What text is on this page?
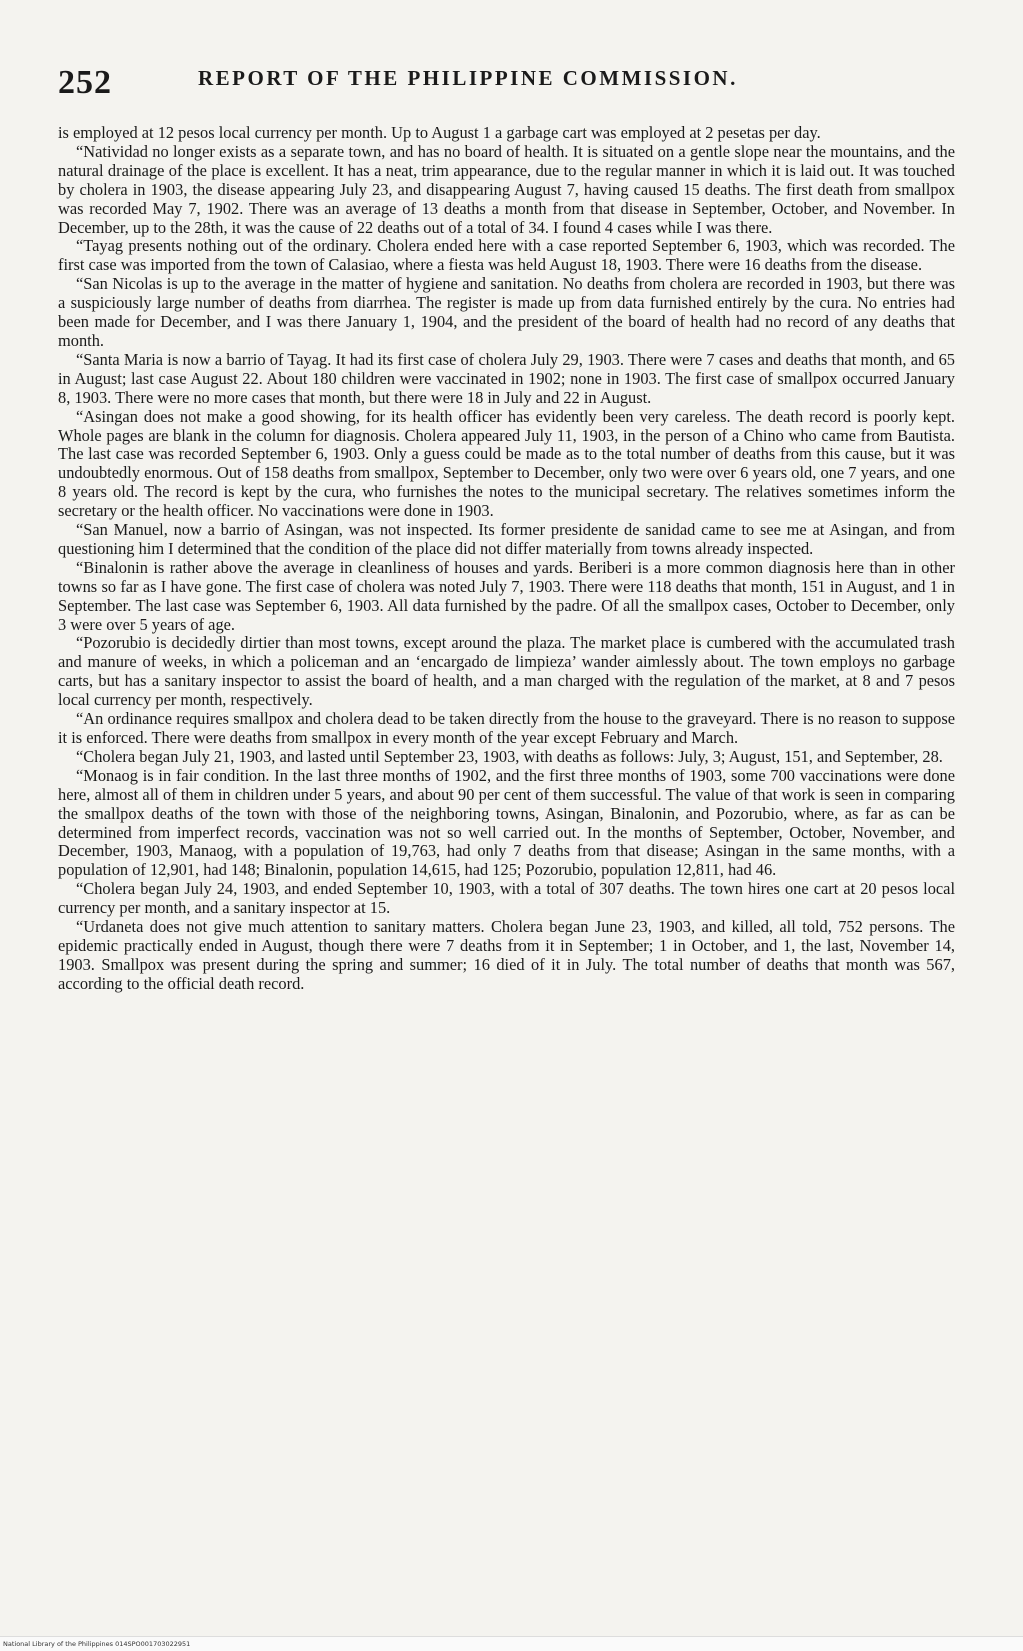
252	REPORT OF THE PHILIPPINE COMMISSION.

is employed at 12 pesos local currency per month. Up to August 1 a garbage cart was employed at 2 pesetas per day.

“Natividad no longer exists as a separate town, and has no board of health. It is situated on a gentle slope near the mountains, and the natural drainage of the place is excellent. It has a neat, trim appearance, due to the regular manner in which it is laid out. It was touched by cholera in 1903, the disease appearing July 23, and disappearing August 7, having caused 15 deaths. The first death from smallpox was recorded May 7, 1902. There was an average of 13 deaths a month from that disease in September, October, and November. In December, up to the 28th, it was the cause of 22 deaths out of a total of 34. I found 4 cases while I was there.

“Tayag presents nothing out of the ordinary. Cholera ended here with a case reported September 6, 1903, which was recorded. The first case was imported from the town of Calasiao, where a fiesta was held August 18, 1903. There were 16 deaths from the disease.

“San Nicolas is up to the average in the matter of hygiene and sanitation. No deaths from cholera are recorded in 1903, but there was a suspiciously large number of deaths from diarrhea. The register is made up from data furnished entirely by the cura. No entries had been made for December, and I was there January 1, 1904, and the president of the board of health had no record of any deaths that month.

“Santa Maria is now a barrio of Tayag. It had its first case of cholera July 29, 1903. There were 7 cases and deaths that month, and 65 in August; last case August 22. About 180 children were vaccinated in 1902; none in 1903. The first case of smallpox occurred January 8, 1903. There were no more cases that month, but there were 18 in July and 22 in August.

“Asingan does not make a good showing, for its health officer has evidently been very careless. The death record is poorly kept. Whole pages are blank in the column for diagnosis. Cholera appeared July 11, 1903, in the person of a Chino who came from Bautista. The last case was recorded September 6, 1903. Only a guess could be made as to the total number of deaths from this cause, but it was undoubtedly enormous. Out of 158 deaths from smallpox, September to December, only two were over 6 years old, one 7 years, and one 8 years old. The record is kept by the cura, who furnishes the notes to the municipal secretary. The relatives sometimes inform the secretary or the health officer. No vaccinations were done in 1903.

“San Manuel, now a barrio of Asingan, was not inspected. Its former presidente de sanidad came to see me at Asingan, and from questioning him I determined that the condition of the place did not differ materially from towns already inspected.

“Binalonin is rather above the average in cleanliness of houses and yards. Beriberi is a more common diagnosis here than in other towns so far as I have gone. The first case of cholera was noted July 7, 1903. There were 118 deaths that month, 151 in August, and 1 in September. The last case was September 6, 1903. All data furnished by the padre. Of all the smallpox cases, October to December, only 3 were over 5 years of age.

“Pozorubio is decidedly dirtier than most towns, except around the plaza. The market place is cumbered with the accumulated trash and manure of weeks, in which a policeman and an ‘encargado de limpieza’ wander aimlessly about. The town employs no garbage carts, but has a sanitary inspector to assist the board of health, and a man charged with the regulation of the market, at 8 and 7 pesos local currency per month, respectively.

“An ordinance requires smallpox and cholera dead to be taken directly from the house to the graveyard. There is no reason to suppose it is enforced. There were deaths from smallpox in every month of the year except February and March.

“Cholera began July 21, 1903, and lasted until September 23, 1903, with deaths as follows: July, 3; August, 151, and September, 28.

“Monaog is in fair condition. In the last three months of 1902, and the first three months of 1903, some 700 vaccinations were done here, almost all of them in children under 5 years, and about 90 per cent of them successful. The value of that work is seen in comparing the smallpox deaths of the town with those of the neighboring towns, Asingan, Binalonin, and Pozorubio, where, as far as can be determined from imperfect records, vaccination was not so well carried out. In the months of September, October, November, and December, 1903, Manaog, with a population of 19,763, had only 7 deaths from that disease; Asingan in the same months, with a population of 12,901, had 148; Binalonin, population 14,615, had 125; Pozorubio, population 12,811, had 46.

“Cholera began July 24, 1903, and ended September 10, 1903, with a total of 307 deaths. The town hires one cart at 20 pesos local currency per month, and a sanitary inspector at 15.

“Urdaneta does not give much attention to sanitary matters. Cholera began June 23, 1903, and killed, all told, 752 persons. The epidemic practically ended in August, though there were 7 deaths from it in September; 1 in October, and 1, the last, November 14, 1903. Smallpox was present during the spring and summer; 16 died of it in July. The total number of deaths that month was 567, according to the official death record.

National Library of the Philippines 014SPO001703022951
